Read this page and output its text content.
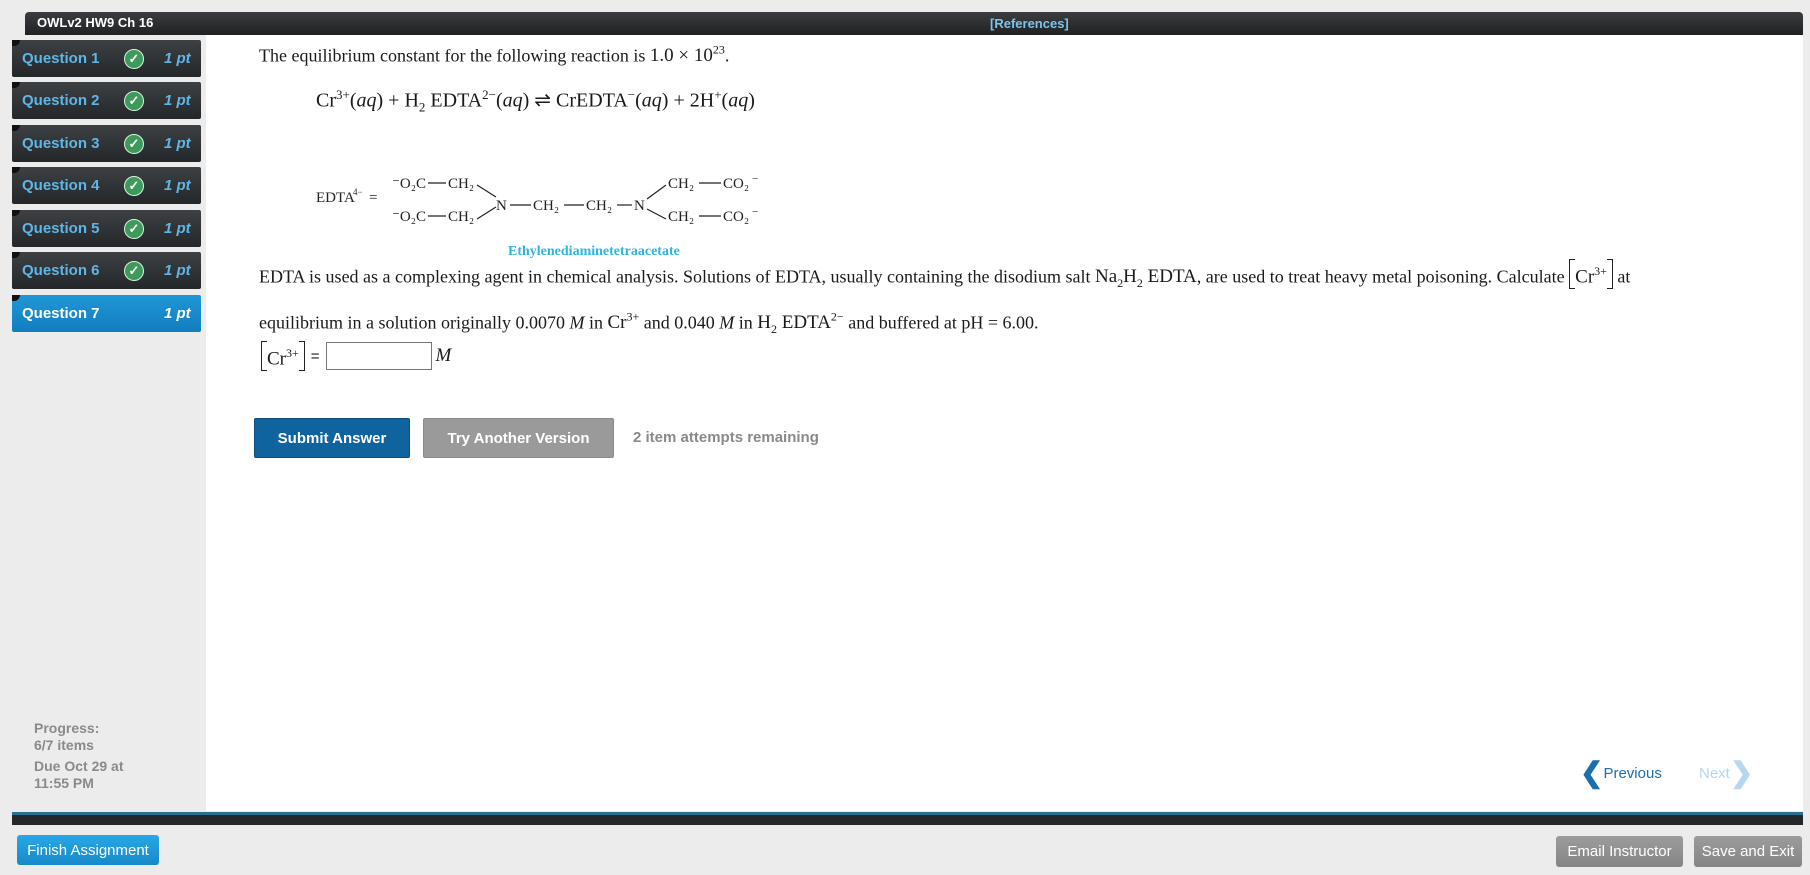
OWLv2 HW9 Ch 16	[References]
Question 1	✓	1 pt
Question 2	✓	1 pt
Question 3	✓	1 pt
Question 4	✓	1 pt
Question 5	✓	1 pt
Question 6	✓	1 pt
Question 7	1 pt
Progress:
6/7 items
Due Oct 29 at
11:55 PM
The equilibrium constant for the following reaction is $1.0 \times 10^{23}$.
$Cr^{3+}(aq) + H_2$ $EDTA^{2-}(aq)$ ⇌ CrEDTA−(aq) + 2H+(aq)
EDTA
4− =
⁻O₂C CH₂
⁻O₂C CH₂
N CH₂ CH₂ N
CH₂ CO₂ −
CH₂ CO₂ −
Ethylenediaminetetraacetate
EDTA is used as a complexing agent in chemical analysis. Solutions of EDTA, usually containing the disodium salt $Na_2H_2$ EDTA, are used to treat heavy metal poisoning. Calculate $Cr^{3+}$ at equilibrium in a solution originally 0.0070 M in $Cr^{3+}$ and 0.040 M in $H_2$ $EDTA^{2-}$ and buffered at pH = 6.00.
$Cr^{3+}$ =	M
Submit Answer	Try Another Version	2 item attempts remaining
❮ Previous Next ❯
Finish Assignment	Email Instructor	Save and Exit
